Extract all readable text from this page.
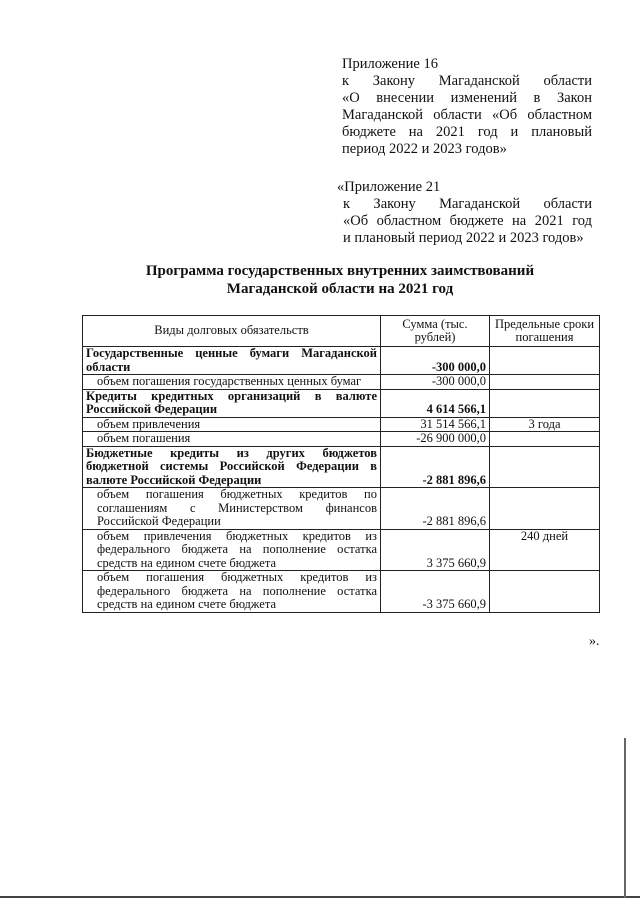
Приложение 16
к Закону Магаданской области
«О внесении изменений в Закон
Магаданской области «Об областном
бюджете на 2021 год и плановый
период 2022 и 2023 годов»
«Приложение 21
к Закону Магаданской области
«Об областном бюджете на 2021 год
и плановый период 2022 и 2023 годов»
Программа государственных внутренних заимствований
Магаданской области на 2021 год
Виды долговых обязательств	Сумма (тыс. рублей)	Предельные сроки погашения
Государственные ценные бумаги Магаданской области	-300 000,0	
объем погашения государственных ценных бумаг	-300 000,0	
Кредиты кредитных организаций в валюте Российской Федерации	4 614 566,1	
объем привлечения	31 514 566,1	3 года
объем погашения	-26 900 000,0	
Бюджетные кредиты из других бюджетов бюджетной системы Российской Федерации в валюте Российской Федерации	-2 881 896,6	
объем погашения бюджетных кредитов по соглашениям с Министерством финансов Российской Федерации	-2 881 896,6	
объем привлечения бюджетных кредитов из федерального бюджета на пополнение остатка средств на едином счете бюджета	3 375 660,9	240 дней
объем погашения бюджетных кредитов из федерального бюджета на пополнение остатка средств на едином счете бюджета	-3 375 660,9	
».
